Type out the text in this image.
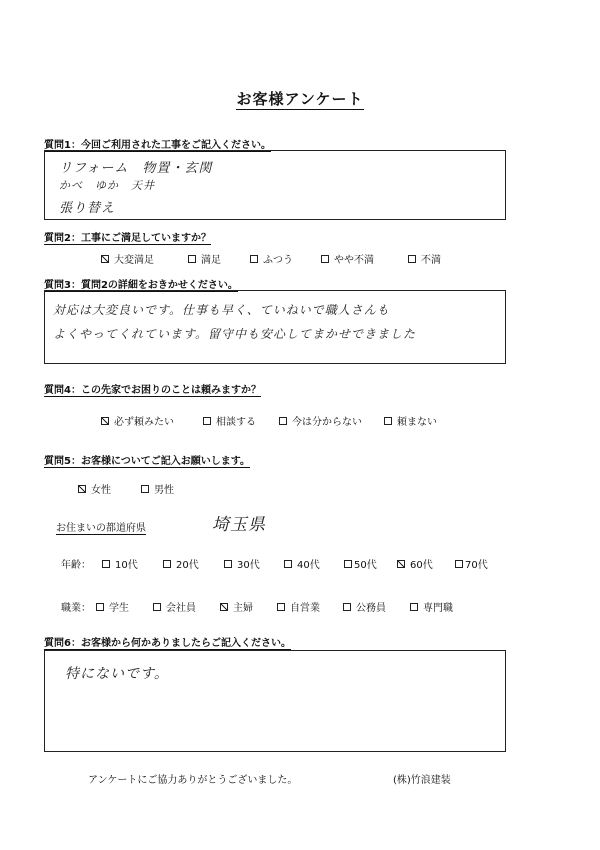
お客様アンケート
質問1：今回ご利用された工事をご記入ください。
リフォーム　物置・玄関
かべ　ゆか　天井
張り替え
質問2：工事にご満足していますか？
大変満足	満足	ふつう	やや不満	不満
質問3：質問2の詳細をおきかせください。
対応は大変良いです。仕事も早く、ていねいで職人さんも
よくやってくれています。留守中も安心してまかせできました
質問4：この先家でお困りのことは頼みますか？
必ず頼みたい	相談する	今は分からない	頼まない
質問5：お客様についてご記入お願いします。
女性	男性
お住まいの都道府県	埼玉県
年齢： 10代	20代	30代	40代	50代	60代	70代
職業： 学生	会社員	主婦	自営業	公務員	専門職
質問6：お客様から何かありましたらご記入ください。
特にないです。
アンケートにご協力ありがとうございました。	(株)竹浪建装
